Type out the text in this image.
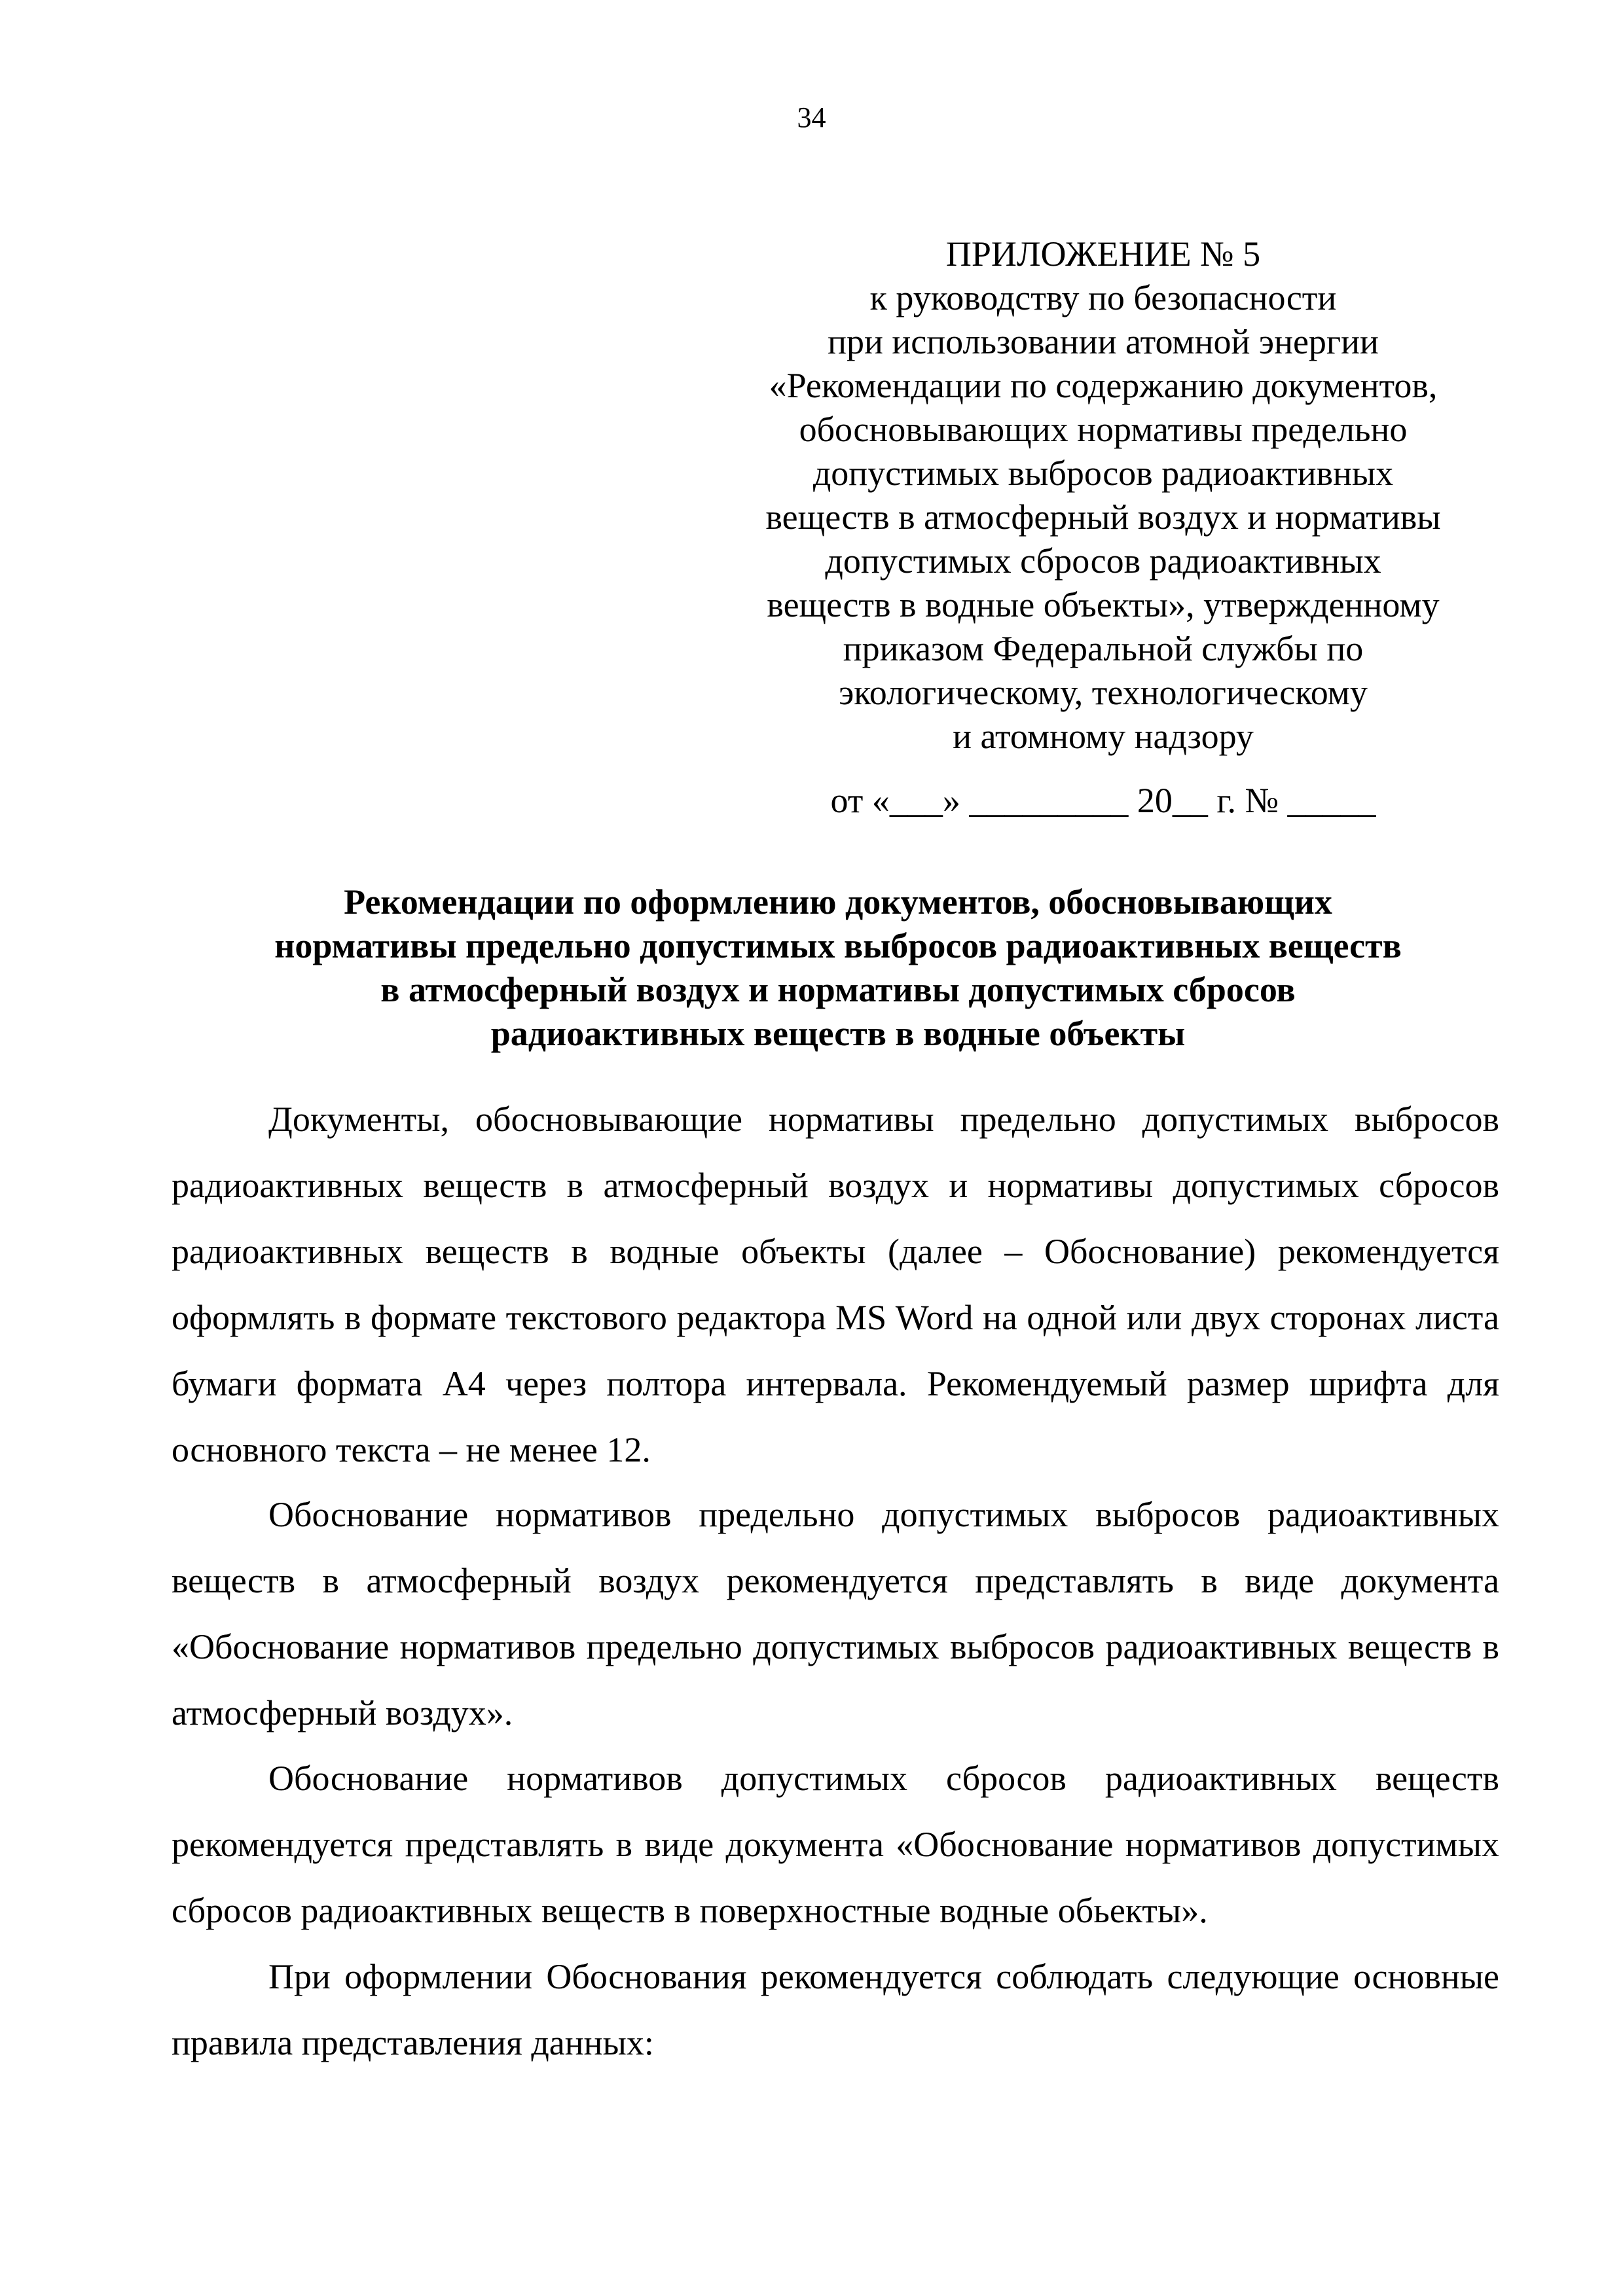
34
ПРИЛОЖЕНИЕ № 5
к руководству по безопасности
при использовании атомной энергии
«Рекомендации по содержанию документов,
обосновывающих нормативы предельно
допустимых выбросов радиоактивных
веществ в атмосферный воздух и нормативы
допустимых сбросов радиоактивных
веществ в водные объекты», утвержденному
приказом Федеральной службы по
экологическому, технологическому
и атомному надзору
от «___» _________ 20__ г. № _____
Рекомендации по оформлению документов, обосновывающих
нормативы предельно допустимых выбросов радиоактивных веществ
в атмосферный воздух и нормативы допустимых сбросов
радиоактивных веществ в водные объекты

Документы, обосновывающие нормативы предельно допустимых выбросов радиоактивных веществ в атмосферный воздух и нормативы допустимых сбросов радиоактивных веществ в водные объекты (далее – Обоснование) рекомендуется оформлять в формате текстового редактора MS Word на одной или двух сторонах листа бумаги формата А4 через полтора интервала. Рекомендуемый размер шрифта для основного текста – не менее 12.

Обоснование нормативов предельно допустимых выбросов радиоактивных веществ в атмосферный воздух рекомендуется представлять в виде документа «Обоснование нормативов предельно допустимых выбросов радиоактивных веществ в атмосферный воздух».

Обоснование нормативов допустимых сбросов радиоактивных веществ рекомендуется представлять в виде документа «Обоснование нормативов допустимых сбросов радиоактивных веществ в поверхностные водные обьекты».

При оформлении Обоснования рекомендуется соблюдать следующие основные правила представления данных:
